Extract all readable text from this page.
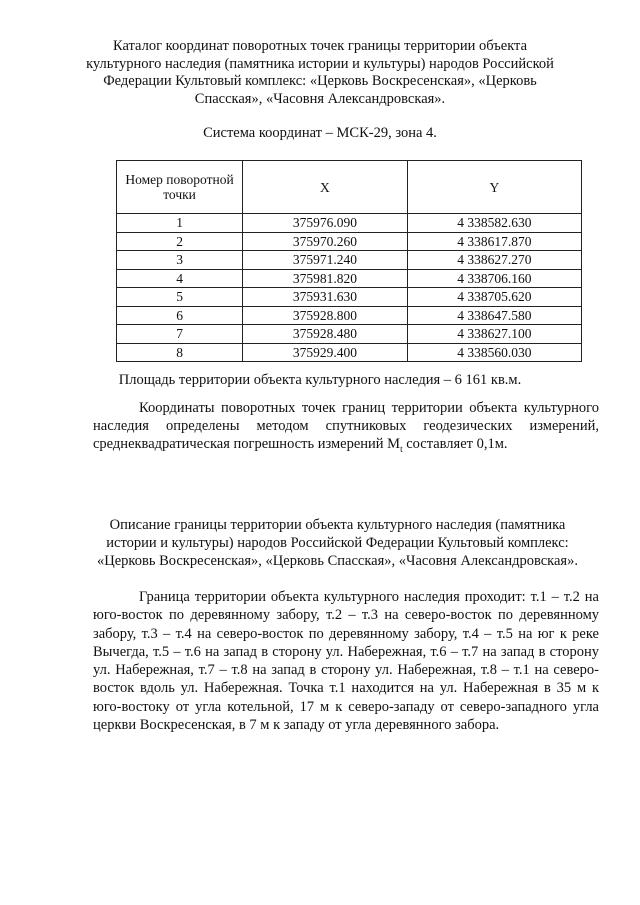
Каталог координат поворотных точек границы территории объекта культурного наследия (памятника истории и культуры) народов Российской Федерации Культовый комплекс: «Церковь Воскресенская», «Церковь Спасская», «Часовня Александровская».
Система координат – МСК-29, зона 4.
Номер поворотной точки	X	Y
1	375976.090	4 338582.630
2	375970.260	4 338617.870
3	375971.240	4 338627.270
4	375981.820	4 338706.160
5	375931.630	4 338705.620
6	375928.800	4 338647.580
7	375928.480	4 338627.100
8	375929.400	4 338560.030
Площадь территории объекта культурного наследия – 6 161 кв.м.
Координаты поворотных точек границ территории объекта культурного наследия определены методом спутниковых геодезических измерений, среднеквадратическая погрешность измерений $М_t$ составляет 0,1м.
Описание границы территории объекта культурного наследия (памятника истории и культуры) народов Российской Федерации Культовый комплекс: «Церковь Воскресенская», «Церковь Спасская», «Часовня Александровская».
Граница территории объекта культурного наследия проходит: т.1 – т.2 на юго-восток по деревянному забору, т.2 – т.3 на северо-восток по деревянному забору, т.3 – т.4 на северо-восток по деревянному забору, т.4 – т.5 на юг к реке Вычегда, т.5 – т.6 на запад в сторону ул. Набережная, т.6 – т.7 на запад в сторону ул. Набережная, т.7 – т.8 на запад в сторону ул. Набережная, т.8 – т.1 на северо-восток вдоль ул. Набережная. Точка т.1 находится на ул. Набережная в 35 м к юго-востоку от угла котельной, 17 м к северо-западу от северо-западного угла церкви Воскресенская, в 7 м к западу от угла деревянного забора.
